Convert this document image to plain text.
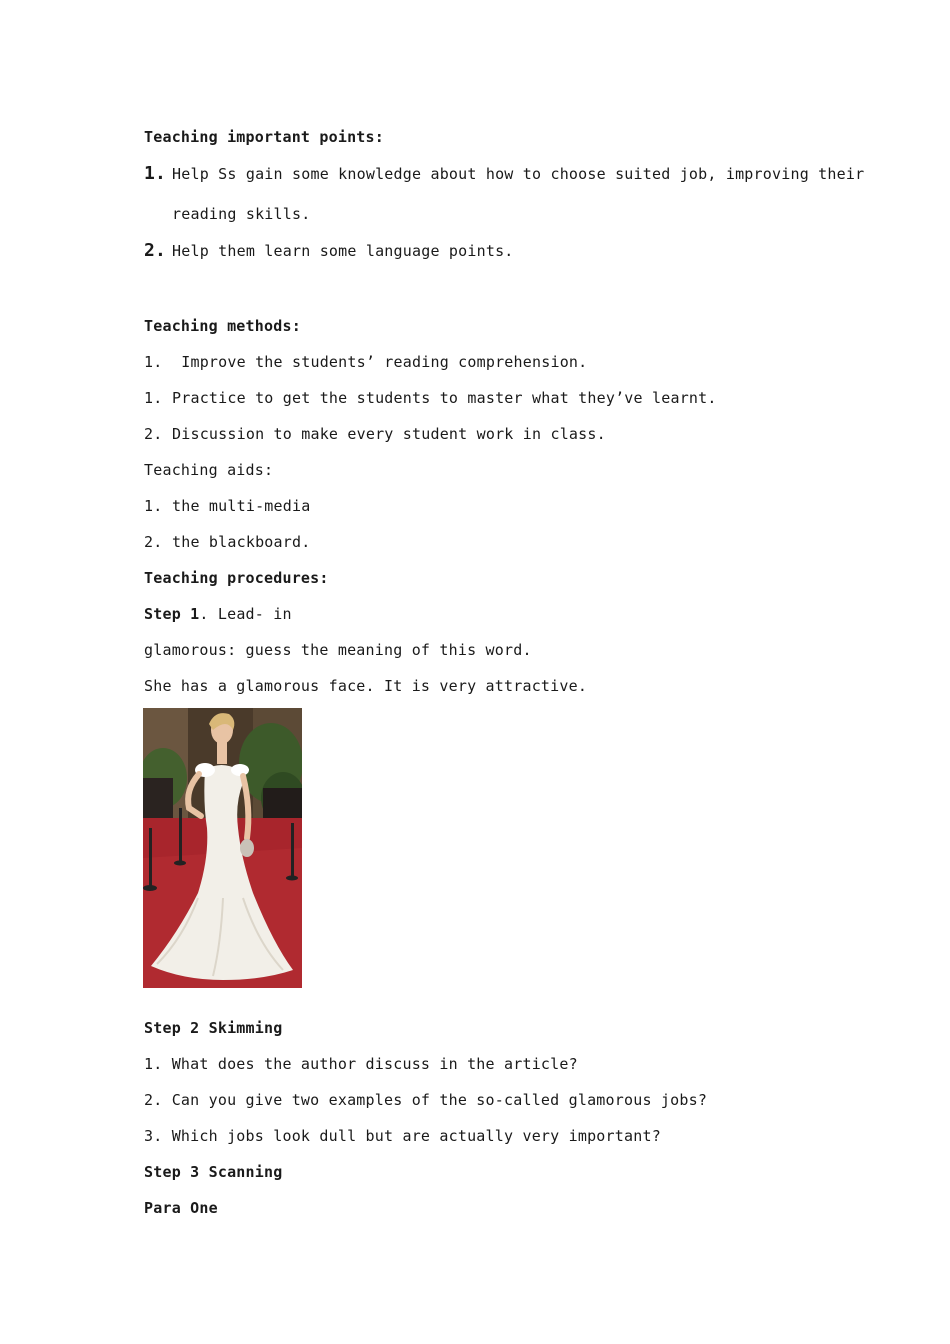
Teaching important points:
1. Help Ss gain some knowledge about how to choose suited job, improving their
reading skills.
2. Help them learn some language points.
Teaching methods:
1. Improve the students’ reading comprehension.
1. Practice to get the students to master what they’ve learnt.
2. Discussion to make every student work in class.
Teaching aids:
1. the multi-media
2. the blackboard.
Teaching procedures:
Step 1. Lead- in
glamorous: guess the meaning of this word.
She has a glamorous face. It is very attractive.
Step 2 Skimming
1. What does the author discuss in the article?
2. Can you give two examples of the so-called glamorous jobs?
3. Which jobs look dull but are actually very important?
Step 3 Scanning
Para One
